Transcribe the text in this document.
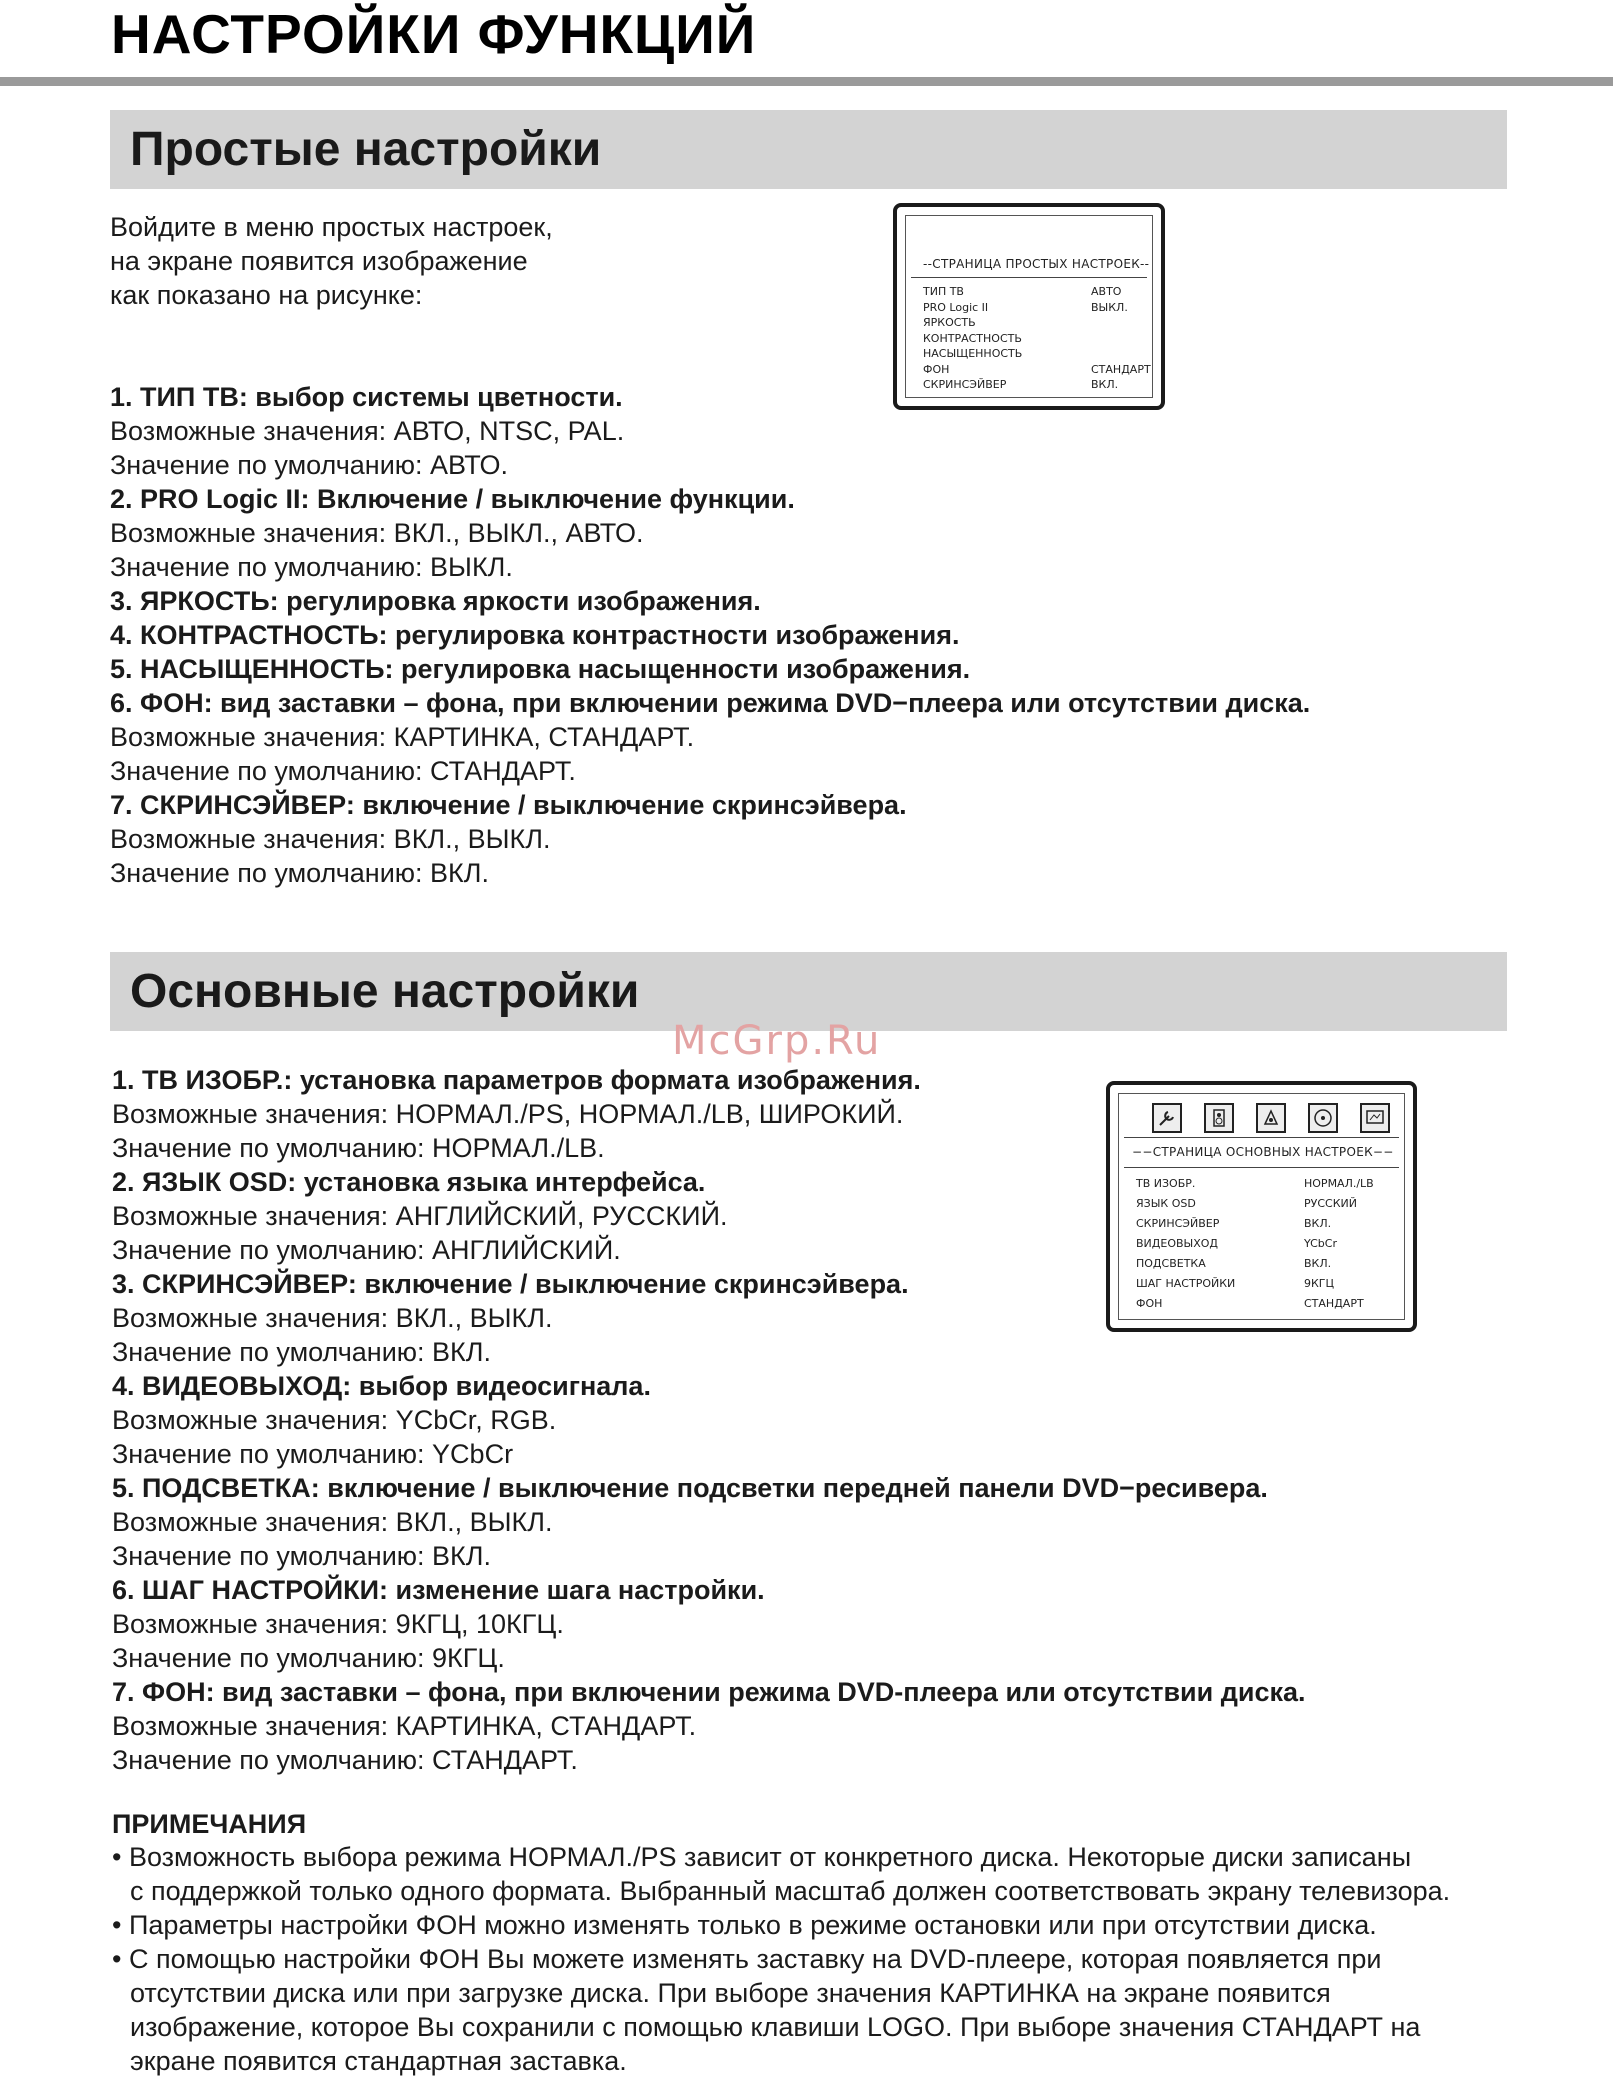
НАСТРОЙКИ ФУНКЦИЙ
Простые настройки
Войдите в меню простых настроек,
на экране появится изображение
как показано на рисунке:
--СТРАНИЦА ПРОСТЫХ НАСТРОЕК--
ТИП ТВ	АВТО
PRO Logic II	ВЫКЛ.
ЯРКОСТЬ
КОНТРАСТНОСТЬ
НАСЫЩЕННОСТЬ
ФОН	СТАНДАРТ
СКРИНСЭЙВЕР	ВКЛ.
1. ТИП ТВ: выбор системы цветности.
Возможные значения: АВТО, NTSC, PAL.
Значение по умолчанию: АВТО.
2. PRO Logic II: Включение / выключение функции.
Возможные значения: ВКЛ., ВЫКЛ., АВТО.
Значение по умолчанию: ВЫКЛ.
3. ЯРКОСТЬ: регулировка яркости изображения.
4. КОНТРАСТНОСТЬ: регулировка контрастности изображения.
5. НАСЫЩЕННОСТЬ: регулировка насыщенности изображения.
6. ФОН: вид заставки – фона, при включении режима DVD−плеера или отсутствии диска.
Возможные значения: КАРТИНКА, СТАНДАРТ.
Значение по умолчанию: СТАНДАРТ.
7. СКРИНСЭЙВЕР: включение / выключение скринсэйвера.
Возможные значения: ВКЛ., ВЫКЛ.
Значение по умолчанию: ВКЛ.
Основные настройки
McGrp.Ru
−−СТРАНИЦА ОСНОВНЫХ НАСТРОЕК−−
ТВ ИЗОБР.	НОРМАЛ./LB
ЯЗЫК OSD	РУССКИЙ
СКРИНСЭЙВЕР	ВКЛ.
ВИДЕОВЫХОД	YCbCr
ПОДСВЕТКА	ВКЛ.
ШАГ НАСТРОЙКИ	9КГЦ
ФОН	СТАНДАРТ
1. ТВ ИЗОБР.: установка параметров формата изображения.
Возможные значения: НОРМАЛ./PS, НОРМАЛ./LB, ШИРОКИЙ.
Значение по умолчанию: НОРМАЛ./LB.
2. ЯЗЫК OSD: установка языка интерфейса.
Возможные значения: АНГЛИЙСКИЙ, РУССКИЙ.
Значение по умолчанию: АНГЛИЙСКИЙ.
3. СКРИНСЭЙВЕР: включение / выключение скринсэйвера.
Возможные значения: ВКЛ., ВЫКЛ.
Значение по умолчанию: ВКЛ.
4. ВИДЕОВЫХОД: выбор видеосигнала.
Возможные значения: YCbCr, RGB.
Значение по умолчанию: YCbCr
5. ПОДСВЕТКА: включение / выключение подсветки передней панели DVD−ресивера.
Возможные значения: ВКЛ., ВЫКЛ.
Значение по умолчанию: ВКЛ.
6. ШАГ НАСТРОЙКИ: изменение шага настройки.
Возможные значения: 9КГЦ, 10КГЦ.
Значение по умолчанию: 9КГЦ.
7. ФОН: вид заставки – фона, при включении режима DVD-плеера или отсутствии диска.
Возможные значения: КАРТИНКА, СТАНДАРТ.
Значение по умолчанию: СТАНДАРТ.
ПРИМЕЧАНИЯ
• Возможность выбора режима НОРМАЛ./PS зависит от конкретного диска. Некоторые диски записаны
с поддержкой только одного формата. Выбранный масштаб должен соответствовать экрану телевизора.
• Параметры настройки ФОН можно изменять только в режиме остановки или при отсутствии диска.
• С помощью настройки ФОН Вы можете изменять заставку на DVD-плеере, которая появляется при
отсутствии диска или при загрузке диска. При выборе значения КАРТИНКА на экране появится
изображение, которое Вы сохранили с помощью клавиши LOGO. При выборе значения СТАНДАРТ на
экране появится стандартная заставка.
